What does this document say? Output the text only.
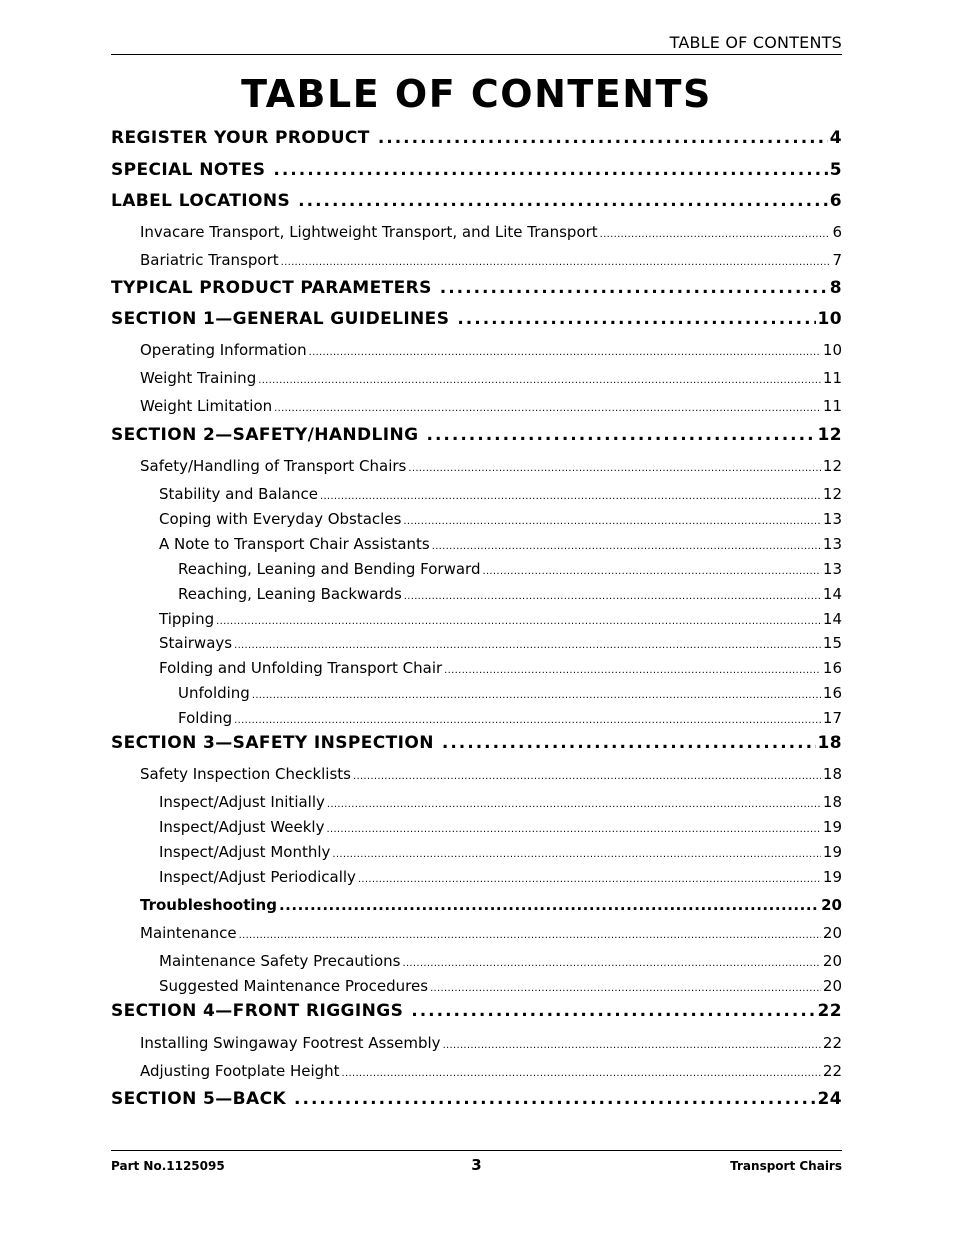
TABLE OF CONTENTS
TABLE OF CONTENTS
REGISTER YOUR PRODUCT .....	4
SPECIAL NOTES .....	5
LABEL LOCATIONS .....	6
Invacare Transport, Lightweight Transport, and Lite Transport .....	6
Bariatric Transport .....	7
TYPICAL PRODUCT PARAMETERS .....	8
SECTION 1—GENERAL GUIDELINES .....	10
Operating Information .....	10
Weight Training .....	11
Weight Limitation .....	11
SECTION 2—SAFETY/HANDLING .....	12
Safety/Handling of Transport Chairs .....	12
Stability and Balance .....	12
Coping with Everyday Obstacles .....	13
A Note to Transport Chair Assistants .....	13
Reaching, Leaning and Bending Forward .....	13
Reaching, Leaning Backwards .....	14
Tipping .....	14
Stairways .....	15
Folding and Unfolding Transport Chair .....	16
Unfolding .....	16
Folding .....	17
SECTION 3—SAFETY INSPECTION .....	18
Safety Inspection Checklists .....	18
Inspect/Adjust Initially .....	18
Inspect/Adjust Weekly .....	19
Inspect/Adjust Monthly .....	19
Inspect/Adjust Periodically .....	19
Troubleshooting .....	20
Maintenance .....	20
Maintenance Safety Precautions .....	20
Suggested Maintenance Procedures .....	20
SECTION 4—FRONT RIGGINGS .....	22
Installing Swingaway Footrest Assembly .....	22
Adjusting Footplate Height .....	22
SECTION 5—BACK .....	24
Part No.1125095	3	Transport Chairs
